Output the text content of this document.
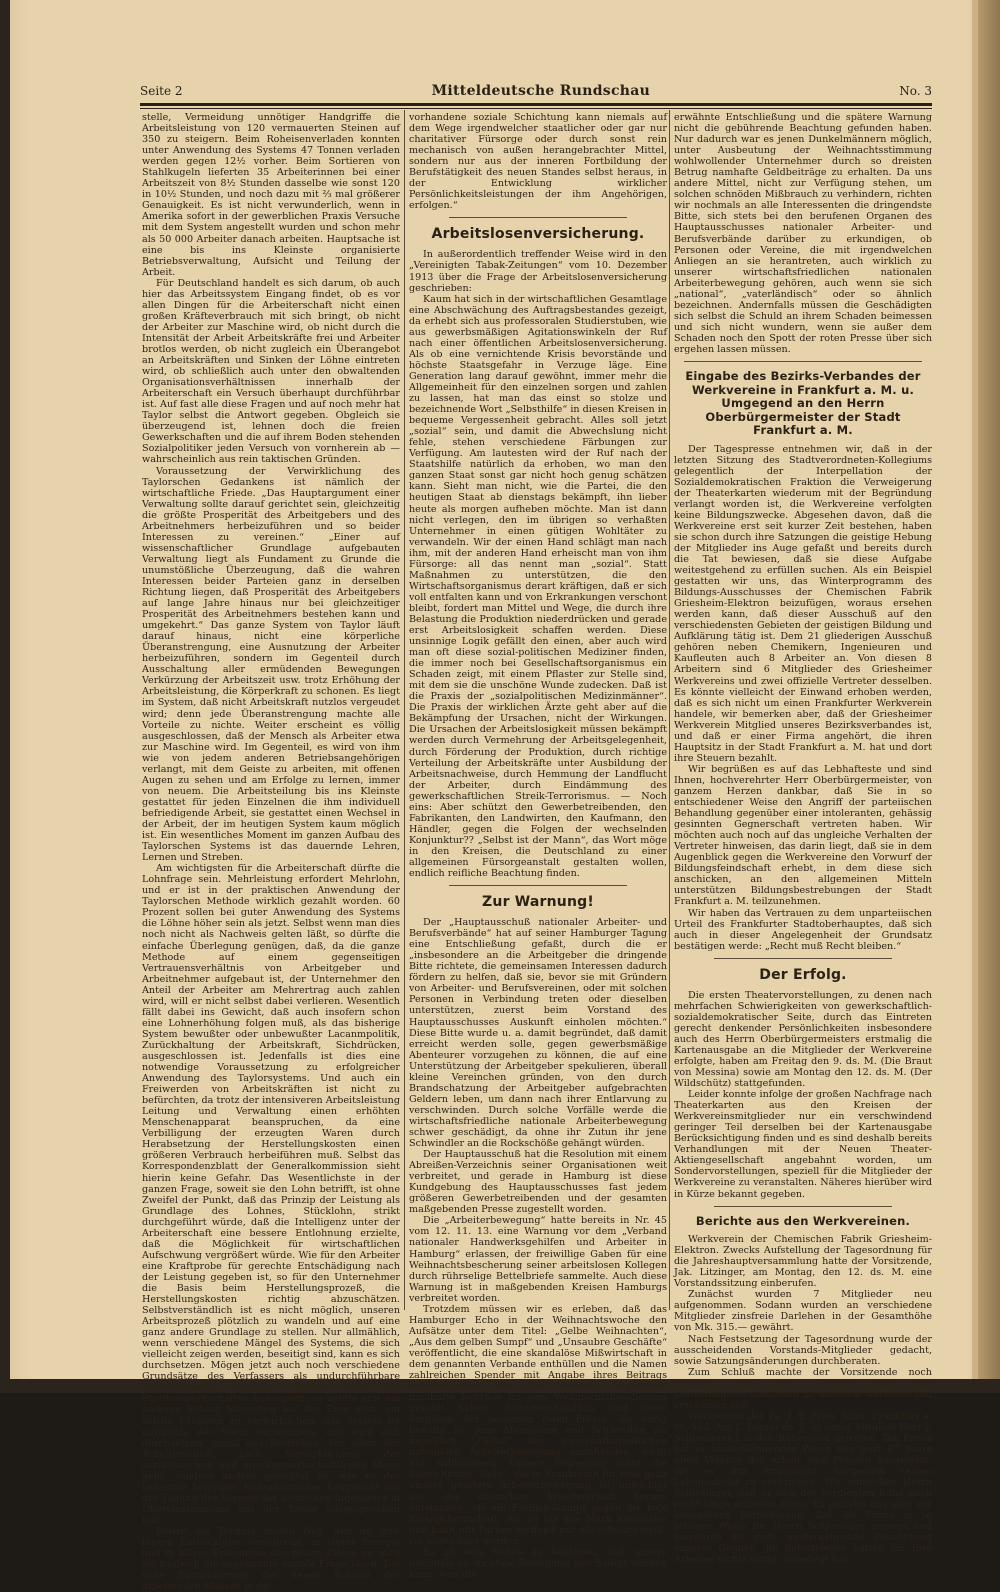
Seite 2	Mitteldeutsche Rundschau	No. 3

stelle, Vermeidung unnötiger Handgriffe die Arbeitsleistung von 120 vermauerten Steinen auf 350 zu steigern. Beim Roheisenverladen konnten unter Anwendung des Systems 47 Tonnen verladen werden gegen 12½ vorher. Beim Sortieren von Stahlkugeln lieferten 35 Arbeiterinnen bei einer Arbeitszeit von 8½ Stunden dasselbe wie sonst 120 in 10½ Stunden, und noch dazu mit ⅔ mal größerer Genauigkeit. Es ist nicht verwunderlich, wenn in Amerika sofort in der gewerblichen Praxis Versuche mit dem System angestellt wurden und schon mehr als 50 000 Arbeiter danach arbeiten. Hauptsache ist eine bis ins Kleinste organisierte Betriebsverwaltung, Aufsicht und Teilung der Arbeit.

Für Deutschland handelt es sich darum, ob auch hier das Arbeitssystem Eingang findet, ob es vor allen Dingen für die Arbeiterschaft nicht einen großen Kräfteverbrauch mit sich bringt, ob nicht der Arbeiter zur Maschine wird, ob nicht durch die Intensität der Arbeit Arbeitskräfte frei und Arbeiter brotlos werden, ob nicht zugleich ein Überangebot an Arbeitskräften und Sinken der Löhne eintreten wird, ob schließlich auch unter den obwaltenden Organisationsverhältnissen innerhalb der Arbeiterschaft ein Versuch überhaupt durchführbar ist. Auf fast alle diese Fragen und auf noch mehr hat Taylor selbst die Antwort gegeben. Obgleich sie überzeugend ist, lehnen doch die freien Gewerkschaften und die auf ihrem Boden stehenden Sozialpolitiker jeden Versuch von vornherein ab — wahrscheinlich aus rein taktischen Gründen.

Voraussetzung der Verwirklichung des Taylorschen Gedankens ist nämlich der wirtschaftliche Friede. „Das Hauptargument einer Verwaltung sollte darauf gerichtet sein, gleichzeitig die größte Prosperität des Arbeitgebers und des Arbeitnehmers herbeizuführen und so beider Interessen zu vereinen.“ „Einer auf wissenschaftlicher Grundlage aufgebauten Verwaltung liegt als Fundament zu Grunde die unumstößliche Überzeugung, daß die wahren Interessen beider Parteien ganz in derselben Richtung liegen, daß Prosperität des Arbeitgebers auf lange Jahre hinaus nur bei gleichzeitiger Prosperität des Arbeitnehmers bestehen kann und umgekehrt.“ Das ganze System von Taylor läuft darauf hinaus, nicht eine körperliche Überanstrengung, eine Ausnutzung der Arbeiter herbeizuführen, sondern im Gegenteil durch Ausschaltung aller ermüdenden Bewegungen Verkürzung der Arbeitszeit usw. trotz Erhöhung der Arbeitsleistung, die Körperkraft zu schonen. Es liegt im System, daß nicht Arbeitskraft nutzlos vergeudet wird; denn jede Überanstrengung machte alle Vorteile zu nichte. Weiter erscheint es völlig ausgeschlossen, daß der Mensch als Arbeiter etwa zur Maschine wird. Im Gegenteil, es wird von ihm wie von jedem anderen Betriebsangehörigen verlangt, mit dem Geiste zu arbeiten, mit offenen Augen zu sehen und am Erfolge zu lernen, immer von neuem. Die Arbeitsteilung bis ins Kleinste gestattet für jeden Einzelnen die ihm individuell befriedigende Arbeit, sie gestattet einen Wechsel in der Arbeit, der im heutigen System kaum möglich ist. Ein wesentliches Moment im ganzen Aufbau des Taylorschen Systems ist das dauernde Lehren, Lernen und Streben.

Am wichtigsten für die Arbeiterschaft dürfte die Lohnfrage sein. Mehrleistung erfordert Mehrlohn, und er ist in der praktischen Anwendung der Taylorschen Methode wirklich gezahlt worden. 60 Prozent sollen bei guter Anwendung des Systems die Löhne höher sein als jetzt. Selbst wenn man dies noch nicht als Nachweis gelten läßt, so dürfte die einfache Überlegung genügen, daß, da die ganze Methode auf einem gegenseitigen Vertrauensverhältnis von Arbeitgeber und Arbeitnehmer aufgebaut ist, der Unternehmer den Anteil der Arbeiter am Mehrertrag auch zahlen wird, will er nicht selbst dabei verlieren. Wesentlich fällt dabei ins Gewicht, daß auch insofern schon eine Lohnerhöhung folgen muß, als das bisherige System bewußter oder unbewußter Lacanmpolitik, Zurückhaltung der Arbeitskraft, Sichdrücken, ausgeschlossen ist. Jedenfalls ist dies eine notwendige Voraussetzung zu erfolgreicher Anwendung des Taylorsystems. Und auch ein Freiwerden von Arbeitskräften ist nicht zu befürchten, da trotz der intensiveren Arbeitsleistung Leitung und Verwaltung einen erhöhten Menschenapparat beanspruchen, da eine Verbilligung der erzeugten Waren durch Herabsetzung der Herstellungskosten einen größeren Verbrauch herbeiführen muß. Selbst das Korrespondenzblatt der Generalkommission sieht hierin keine Gefahr. Das Wesentlichste in der ganzen Frage, soweit sie den Lohn betrifft, ist ohne Zweifel der Punkt, daß das Prinzip der Leistung als Grundlage des Lohnes, Stücklohn, strikt durchgeführt würde, daß die Intelligenz unter der Arbeiterschaft eine bessere Entlohnung erzielte, daß die Möglichkeit für wirtschaftlichen Aufschwung vergrößert würde. Wie für den Arbeiter eine Kraftprobe für gerechte Entschädigung nach der Leistung gegeben ist, so für den Unternehmer die Basis beim Herstellungsprozeß, die Herstellungskosten richtig abzuschätzen. Selbstverständlich ist es nicht möglich, unseren Arbeitsprozeß plötzlich zu wandeln und auf eine ganz andere Grundlage zu stellen. Nur allmählich, wenn verschiedene Mängel des Systems, die sich vielleicht zeigen werden, beseitigt sind, kann es sich durchsetzen. Mögen jetzt auch noch verschiedene Grundsätze des Verfassers als undurchführbare Zukunftsmusik scheinen, mögen auch die Streikgewerkschaften behaupten, es müßte erst ein anderer Schlag Menschen auf der Erde sein, um solche Utopieen zu verwirklichen, das System ist natürlich, der Natur entnommen, und wird sich durchsetzen, zumal das Bestreben, vor allem der Arbeiterschaft, nach Verwirklichung der sozialistischen und streikgewerkschaftlichen Ideen geht, sondern andere gerichtet ist, wie es der bekannte Leipziger Kulturhistoriker Lamprecht auf der Tagung des Vereins der deutschen Ingenieure in Übereinstimmung mit der Taylor ausgesprochen hat:

Betritt die Technik diesen Weg, den ihr ihre innere Entwicklung vorschreibt, in steter Energie und in klarer Erkenntnis des neuen Zieles, so wird sie zugleich die sogenannte soziale Frage lösen. Die volle Einrangierung der neuen Schicht der arbeitenden Massen in die

vorhandene soziale Schichtung kann niemals auf dem Wege irgendwelcher staatlicher oder gar nur charitativer Fürsorge oder durch sonst rein mechanisch von außen herangebrachter Mittel, sondern nur aus der inneren Fortbildung der Berufstätigkeit des neuen Standes selbst heraus, in der Entwicklung wirklicher Persönlichkeitsleistungen der ihm Angehörigen, erfolgen.“

Arbeitslosenversicherung.

In außerordentlich treffender Weise wird in den „Vereinigten Tabak-Zeitungen“ vom 10. Dezember 1913 über die Frage der Arbeitslosenversicherung geschrieben:

Kaum hat sich in der wirtschaftlichen Gesamtlage eine Abschwächung des Auftragsbestandes gezeigt, da erhebt sich aus professoralen Studierstuben, wie aus gewerbsmäßigen Agitationswinkeln der Ruf nach einer öffentlichen Arbeitslosenversicherung. Als ob eine vernichtende Krisis bevorstände und höchste Staatsgefahr in Verzuge läge. Eine Generation lang darauf gewöhnt, immer mehr die Allgemeinheit für den einzelnen sorgen und zahlen zu lassen, hat man das einst so stolze und bezeichnende Wort „Selbsthilfe“ in diesen Kreisen in bequeme Vergessenheit gebracht. Alles soll jetzt „sozial“ sein, und damit die Abwechslung nicht fehle, stehen verschiedene Färbungen zur Verfügung. Am lautesten wird der Ruf nach der Staatshilfe natürlich da erhoben, wo man den ganzen Staat sonst gar nicht hoch genug schätzen kann. Sieht man nicht, wie die Partei, die den heutigen Staat ab dienstags bekämpft, ihn lieber heute als morgen aufheben möchte. Man ist dann nicht verlegen, den im übrigen so verhaßten Unternehmer in einen gütigen Wohltäter zu verwandeln. Wir der einen Hand schlägt man nach ihm, mit der anderen Hand erheischt man von ihm Fürsorge: all das nennt man „sozial“. Statt Maßnahmen zu unterstützen, die den Wirtschaftsorganismus derart kräftigen, daß er sich voll entfalten kann und von Erkrankungen verschont bleibt, fordert man Mittel und Wege, die durch ihre Belastung die Produktion niederdrücken und gerade erst Arbeitslosigkeit schaffen werden. Diese unsinnige Logik gefällt den einen, aber auch wird man oft diese sozial-politischen Mediziner finden, die immer noch bei Gesellschaftsorganismus ein Schaden zeigt, mit einem Pflaster zur Stelle sind, mit dem sie die unschöne Wunde zudecken. Daß ist die Praxis der „sozialpolitischen Medizinmänner“. Die Praxis der wirklichen Ärzte geht aber auf die Bekämpfung der Ursachen, nicht der Wirkungen. Die Ursachen der Arbeitslosigkeit müssen bekämpft werden durch Vermehrung der Arbeitsgelegenheit, durch Förderung der Produktion, durch richtige Verteilung der Arbeitskräfte unter Ausbildung der Arbeitsnachweise, durch Hemmung der Landflucht der Arbeiter, durch Eindämmung des gewerkschaftlichen Streik-Terrorismus. — Noch eins: Aber schützt den Gewerbetreibenden, den Fabrikanten, den Landwirten, den Kaufmann, den Händler, gegen die Folgen der wechselnden Konjunktur?? „Selbst ist der Mann“, das Wort möge in den Kreisen, die Deutschland zu einer allgemeinen Fürsorgeanstalt gestalten wollen, endlich reifliche Beachtung finden.

Zur Warnung!

Der „Hauptausschuß nationaler Arbeiter- und Berufsverbände“ hat auf seiner Hamburger Tagung eine Entschließung gefaßt, durch die er „insbesondere an die Arbeitgeber die dringende Bitte richtete, die gemeinsamen Interessen dadurch fördern zu helfen, daß sie, bevor sie mit Gründern von Arbeiter- und Berufsvereinen, oder mit solchen Personen in Verbindung treten oder dieselben unterstützen, zuerst beim Vorstand des Hauptausschusses Auskunft einholen möchten.“ Diese Bitte wurde u. a. damit begründet, daß damit erreicht werden solle, gegen gewerbsmäßige Abenteurer vorzugehen zu können, die auf eine Unterstützung der Arbeitgeber spekulieren, überall kleine Vereinchen gründen, von den durch Brandschatzung der Arbeitgeber aufgebrachten Geldern leben, um dann nach ihrer Entlarvung zu verschwinden. Durch solche Vorfälle werde die wirtschaftsfriedliche nationale Arbeiterbewegung schwer geschädigt, da ohne ihr Zutun ihr jene Schwindler an die Rockschöße gehängt würden.

Der Hauptausschuß hat die Resolution mit einem Abreißen-Verzeichnis seiner Organisationen weit verbreitet, und gerade in Hamburg ist diese Kundgebung des Hauptausschusses fast jedem größeren Gewerbetreibenden und der gesamten maßgebenden Presse zugestellt worden.

Die „Arbeiterbewegung“ hatte bereits in Nr. 45 vom 12. 11. 13. eine Warnung vor dem „Verband nationaler Handwerksgehilfen und Arbeiter in Hamburg“ erlassen, der freiwillige Gaben für eine Weihnachtsbescherung seiner arbeitslosen Kollegen durch rührselige Bettelbriefe sammelte. Auch diese Warnung ist in maßgebenden Kreisen Hamburgs verbreitet worden.

Trotzdem müssen wir es erleben, daß das Hamburger Echo in der Weihnachtswoche den Aufsätze unter dem Titel: „Gelbe Weihnachten“, „Aus dem gelben Sumpf“ und „Unsaubre Geschäfte“ veröffentlicht, die eine skandalöse Mißwirtschaft in dem genannten Verbande enthüllen und die Namen zahlreichen Spender mit Angabe ihres Beitrags veröffentlichen, die allen Warnung ungeachtet namhafte Beiträge für jene Weihnachtsbescherung gezahlt haben. Selbstverständlich sind diese Vorgänge der gesamten roten Presse, die eifrig bemüht ist, jene Abenteurer und Schwindler als angeblich „Gelbe“ der wirtschaftsfriedlichen nationalen Arbeiterbewegung anzuhängen, nicht nur willkommen. Unsere Bewegung lehnt die Bezeichnung „Gelb“, die in Frankreich für eine ganz andere geartete Arbeiterbewegung ist unwichtig aus der deutschen Arbeiterschaft heraus entstanden, als ein Freiheitskampf gegen die rote Zwangsherrschaft. Sie ist bis aus Mark nationaler und kann mit Farben treffend nur als schwarz-weiß-rot bezeichnet werden.

Es ist aufs tiefste zu beklagen, daß unsere nationale so wichtige Bewegung geschädigt werden kann, weil die

erwähnte Entschließung und die spätere Warnung nicht die gebührende Beachtung gefunden haben. Nur dadurch war es jenen Dunkelmännern möglich, unter Ausbeutung der Weihnachtsstimmung wohlwollender Unternehmer durch so dreisten Betrug namhafte Geldbeiträge zu erhalten. Da uns andere Mittel, nicht zur Verfügung stehen, um solchen schnöden Mißbrauch zu verhindern, richten wir nochmals an alle Interessenten die dringendste Bitte, sich stets bei den berufenen Organen des Hauptausschusses nationaler Arbeiter- und Berufsverbände darüber zu erkundigen, ob Personen oder Vereine, die mit irgendwelchen Anliegen an sie herantreten, auch wirklich zu unserer wirtschaftsfriedlichen nationalen Arbeiterbewegung gehören, auch wenn sie sich „national“, „vaterländisch“ oder so ähnlich bezeichnen. Andernfalls müssen die Geschädigten sich selbst die Schuld an ihrem Schaden beimessen und sich nicht wundern, wenn sie außer dem Schaden noch den Spott der roten Presse über sich ergehen lassen müssen.

Eingabe des Bezirks-Verbandes der Werkvereine in Frankfurt a. M. u. Umgegend an den Herrn Oberbürgermeister der Stadt Frankfurt a. M.

Der Tagespresse entnehmen wir, daß in der letzten Sitzung des Stadtverordneten-Kollegiums gelegentlich der Interpellation der Sozialdemokratischen Fraktion die Verweigerung der Theaterkarten wiederum mit der Begründung verlangt worden ist, die Werkvereine verfolgten keine Bildungszwecke. Abgesehen davon, daß die Werkvereine erst seit kurzer Zeit bestehen, haben sie schon durch ihre Satzungen die geistige Hebung der Mitglieder ins Auge gefaßt und bereits durch die Tat bewiesen, daß sie diese Aufgabe weitestgehend zu erfüllen suchen. Als ein Beispiel gestatten wir uns, das Winterprogramm des Bildungs-Ausschusses der Chemischen Fabrik Griesheim-Elektron beizufügen, woraus ersehen werden kann, daß dieser Ausschuß auf den verschiedensten Gebieten der geistigen Bildung und Aufklärung tätig ist. Dem 21 gliederigen Ausschuß gehören neben Chemikern, Ingenieuren und Kaufleuten auch 8 Arbeiter an. Von diesen 8 Arbeitern sind 6 Mitglieder des Griesheimer Werkvereins und zwei offizielle Vertreter desselben. Es könnte vielleicht der Einwand erhoben werden, daß es sich nicht um einen Frankfurter Werkverein handele, wir bemerken aber, daß der Griesheimer Werkverein Mitglied unseres Bezirksverbandes ist, und daß er einer Firma angehört, die ihren Hauptsitz in der Stadt Frankfurt a. M. hat und dort ihre Steuern bezahlt.

Wir begrüßen es auf das Lebhafteste und sind Ihnen, hochverehrter Herr Oberbürgermeister, von ganzem Herzen dankbar, daß Sie in so entschiedener Weise den Angriff der parteiischen Behandlung gegenüber einer intoleranten, gehässig gesinnten Gegnerschaft vertreten haben. Wir möchten auch noch auf das ungleiche Verhalten der Vertreter hinweisen, das darin liegt, daß sie in dem Augenblick gegen die Werkvereine den Vorwurf der Bildungsfeindschaft erhebt, in dem diese sich anschicken, an den allgemeinen Mitteln unterstützen Bildungsbestrebungen der Stadt Frankfurt a. M. teilzunehmen.

Wir haben das Vertrauen zu dem unparteiischen Urteil des Frankfurter Stadtoberhauptes, daß sich auch in dieser Angelegenheit der Grundsatz bestätigen werde: „Recht muß Recht bleiben.“

Der Erfolg.

Die ersten Theatervorstellungen, zu denen nach mehrfachen Schwierigkeiten von gewerkschaftlich-sozialdemokratischer Seite, durch das Eintreten gerecht denkender Persönlichkeiten insbesondere auch des Herrn Oberbürgermeisters erstmalig die Kartenausgabe an die Mitglieder der Werkvereine erfolgte, haben am Freitag den 9. ds. M. (Die Braut von Messina) sowie am Montag den 12. ds. M. (Der Wildschütz) stattgefunden.

Leider konnte infolge der großen Nachfrage nach Theaterkarten aus den Kreisen der Werkvereinsmitglieder nur ein verschwindend geringer Teil derselben bei der Kartenausgabe Berücksichtigung finden und es sind deshalb bereits Verhandlungen mit der Neuen Theater-Aktiengesellschaft angebahnt worden, um Sondervorstellungen, speziell für die Mitglieder der Werkvereine zu veranstalten. Näheres hierüber wird in Kürze bekannt gegeben.

Berichte aus den Werkvereinen.

Werkverein der Chemischen Fabrik Griesheim-Elektron. Zwecks Aufstellung der Tagesordnung für die Jahreshauptversammlung hatte der Vorsitzende, Jak. Litzinger, am Montag, den 12. ds. M. eine Vorstandssitzung einberufen.

Zunächst wurden 7 Mitglieder neu aufgenommen. Sodann wurden an verschiedene Mitglieder zinsfreie Darlehen in der Gesamthöhe von Mk. 315.— gewährt.

Nach Festsetzung der Tagesordnung wurde der ausscheidenden Vorstands-Mitglieder gedacht, sowie Satzungsänderungen durchberaten.

Zum Schluß machte der Vorsitzende noch bekannt, daß der Bericht über die Jahreshauptversammlung in unserem Vereinsorgan erscheinen soll.

Werkverein der Fa. J. S. Fries Sohn, Frankfurt a. M.-Süd. Am 1. Januar ds. J. ist unser Mitglied Herr J. Schlesinger I in den Ruhestand getreten. Die Firma hat in anzuerkennender Weise den jetzt 67 Jahre alten Veteran der Arbeit eine Pension ausgesetzt, die es ihm ermöglicht, sorgenfrei seinen Lebensabend zu verbringen. Wir wünschen Herrn Schlesinger, daß er sich der verdienten Ruhe noch recht lange erfreuen möge. Es geziehe uns aber zur besonderen Befriedigung, daß die Firma in so schöner Weise für Herrn Schlesinger gesorgt und hierdurch die stets wiederkehrende Behauptung unserer Gegner, die Industriellen hätten für Ihre Arbeiter nichts übrig, widerlegt hat.
